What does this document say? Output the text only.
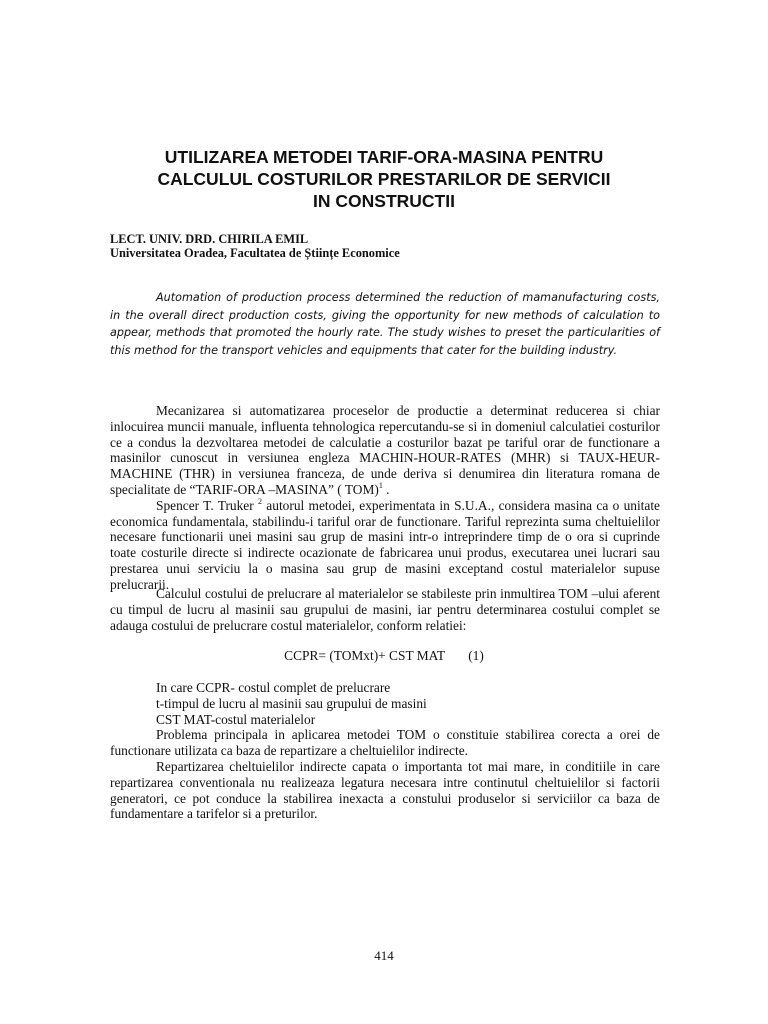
UTILIZAREA METODEI TARIF-ORA-MASINA PENTRU
CALCULUL COSTURILOR PRESTARILOR DE SERVICII
IN CONSTRUCTII
LECT. UNIV. DRD. CHIRILA EMIL
Universitatea Oradea, Facultatea de Științe Economice
Automation of production process determined the reduction of mamanufacturing costs, in the overall direct production costs, giving the opportunity for new methods of calculation to appear, methods that promoted the hourly rate. The study wishes to preset the particularities of this method for the transport vehicles and equipments that cater for the building industry.

Mecanizarea si automatizarea proceselor de productie a determinat reducerea si chiar inlocuirea muncii manuale, influenta tehnologica repercutandu-se si in domeniul calculatiei costurilor ce a condus la dezvoltarea metodei de calculatie a costurilor bazat pe tariful orar de functionare a masinilor cunoscut in versiunea engleza MACHIN-HOUR-RATES (MHR) si TAUX-HEUR-MACHINE (THR) in versiunea franceza, de unde deriva si denumirea din literatura romana de specialitate de “TARIF-ORA –MASINA” ( TOM)$^1$ .

Spencer T. Truker $^2$ autorul metodei, experimentata in S.U.A., considera masina ca o unitate economica fundamentala, stabilindu-i tariful orar de functionare. Tariful reprezinta suma cheltuielilor necesare functionarii unei masini sau grup de masini intr-o intreprindere timp de o ora si cuprinde toate costurile directe si indirecte ocazionate de fabricarea unui produs, executarea unei lucrari sau prestarea unui serviciu la o masina sau grup de masini exceptand costul materialelor supuse prelucrarii.

Calculul costului de prelucrare al materialelor se stabileste prin inmultirea TOM –ului aferent cu timpul de lucru al masinii sau grupului de masini, iar pentru determinarea costului complet se adauga costului de prelucrare costul materialelor, conform relatiei:

CCPR= (TOMxt)+ CST MAT (1)
In care CCPR- costul complet de prelucrare
t-timpul de lucru al masinii sau grupului de masini
CST MAT-costul materialelor

Problema principala in aplicarea metodei TOM o constituie stabilirea corecta a orei de functionare utilizata ca baza de repartizare a cheltuielilor indirecte.

Repartizarea cheltuielilor indirecte capata o importanta tot mai mare, in conditiile in care repartizarea conventionala nu realizeaza legatura necesara intre continutul cheltuielilor si factorii generatori, ce pot conduce la stabilirea inexacta a constului produselor si serviciilor ca baza de fundamentare a tarifelor si a preturilor.

414
